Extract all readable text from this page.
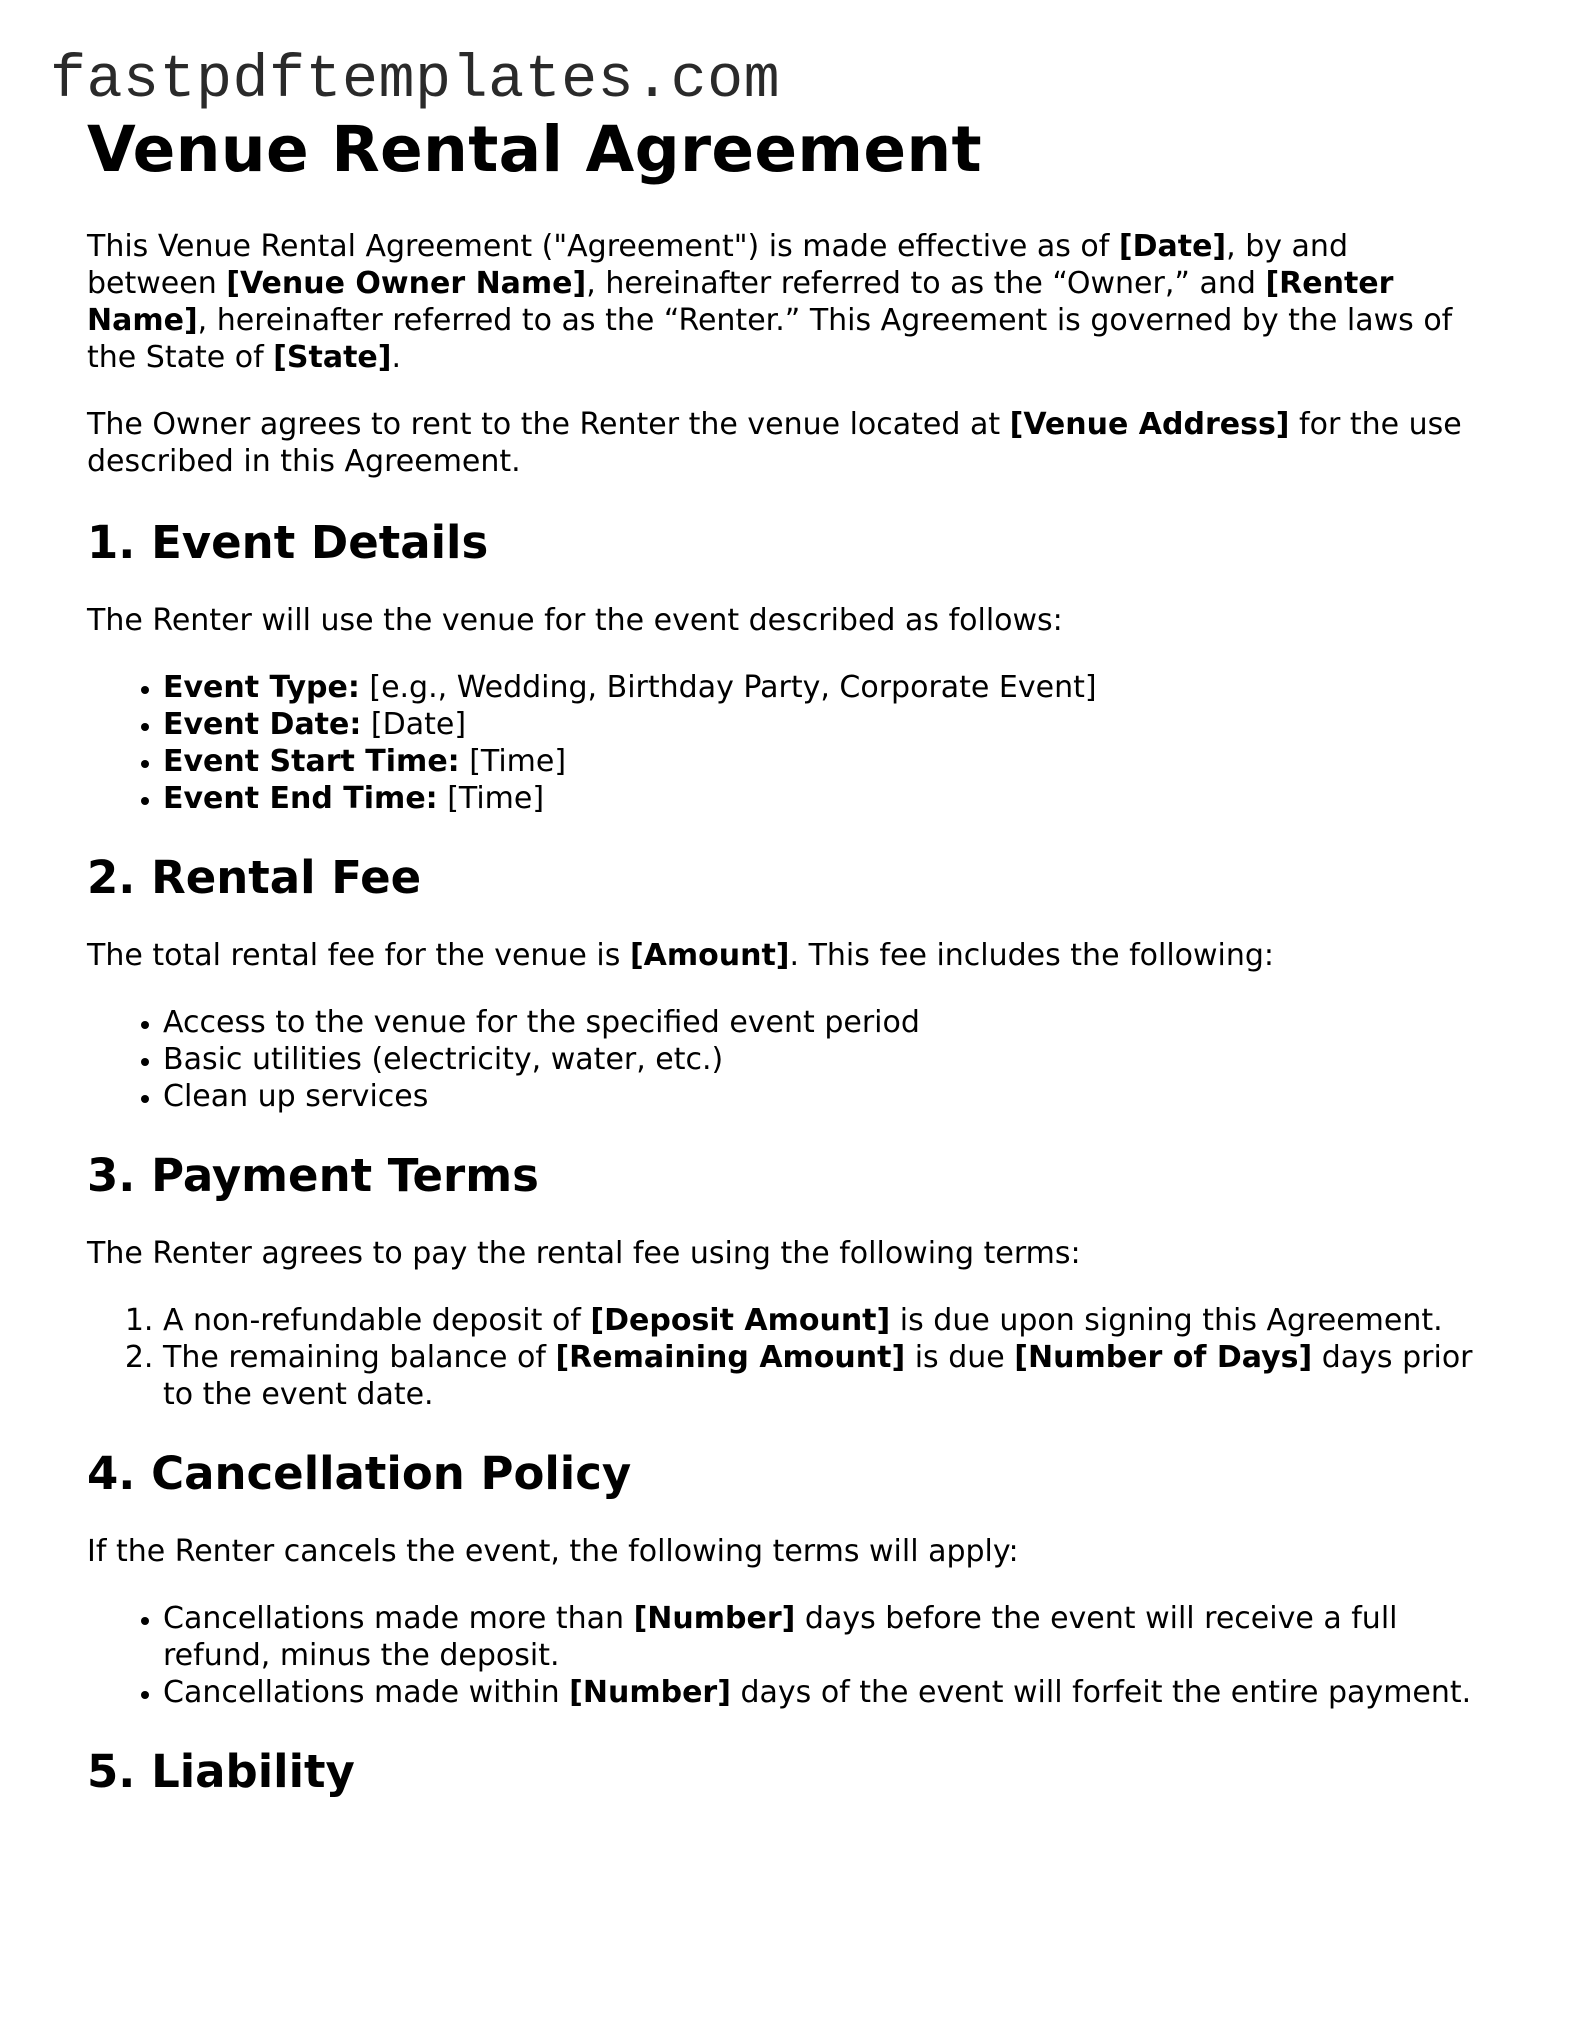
fastpdftemplates.com
Venue Rental Agreement

This Venue Rental Agreement ("Agreement") is made effective as of [Date], by and between [Venue Owner Name], hereinafter referred to as the “Owner,” and [Renter Name], hereinafter referred to as the “Renter.” This Agreement is governed by the laws of the State of [State].

The Owner agrees to rent to the Renter the venue located at [Venue Address] for the use described in this Agreement.

1. Event Details

The Renter will use the venue for the event described as follows:

• Event Type: [e.g., Wedding, Birthday Party, Corporate Event]
• Event Date: [Date]
• Event Start Time: [Time]
• Event End Time: [Time]
2. Rental Fee

The total rental fee for the venue is [Amount]. This fee includes the following:

• Access to the venue for the specified event period
• Basic utilities (electricity, water, etc.)
• Clean up services
3. Payment Terms

The Renter agrees to pay the rental fee using the following terms:

1. A non-refundable deposit of [Deposit Amount] is due upon signing this Agreement.
2. The remaining balance of [Remaining Amount] is due [Number of Days] days prior to the event date.
4. Cancellation Policy

If the Renter cancels the event, the following terms will apply:

• Cancellations made more than [Number] days before the event will receive a full refund, minus the deposit.
• Cancellations made within [Number] days of the event will forfeit the entire payment.
5. Liability
